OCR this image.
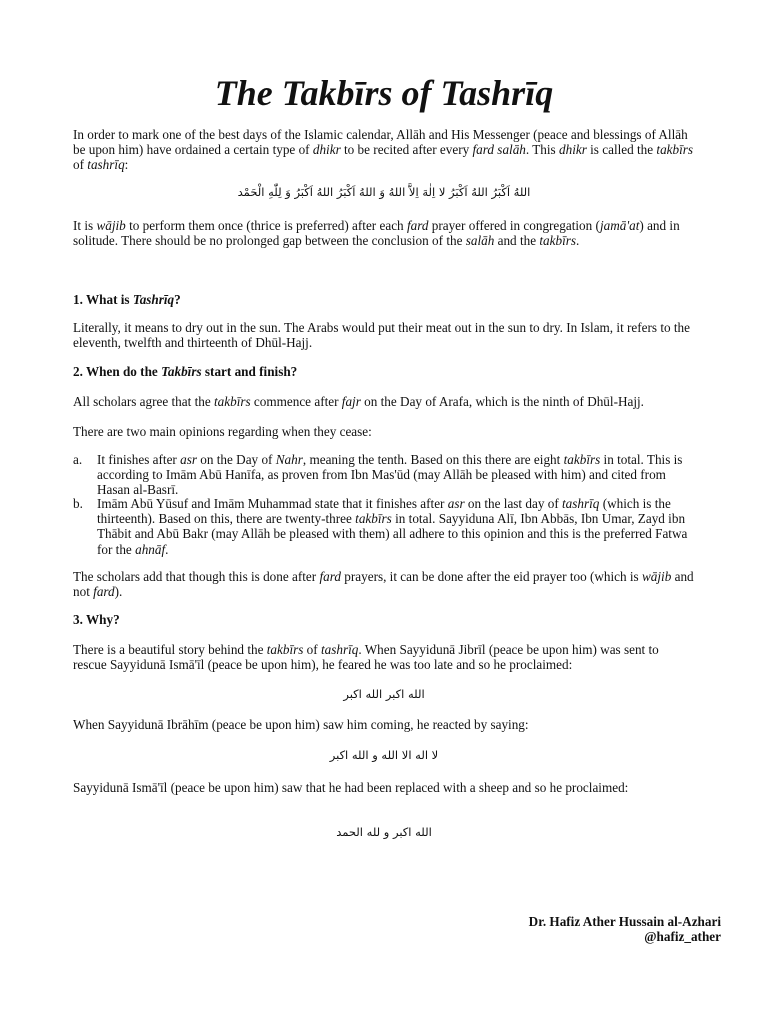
The Takbīrs of Tashrīq

In order to mark one of the best days of the Islamic calendar, Allāh and His Messenger (peace and blessings of Allāh be upon him) have ordained a certain type of dhikr to be recited after every fard salāh. This dhikr is called the takbīrs of tashrīq:

اللهُ اَكْبَرُ اللهُ اَكْبَرُ لا اِلٰهَ اِلاَّ اللهُ وَ اللهُ اَكْبَرُ اللهُ اَكْبَرُ وَ لِلّٰهِ الْحَمْد

It is wājib to perform them once (thrice is preferred) after each fard prayer offered in congregation (jamā'at) and in solitude. There should be no prolonged gap between the conclusion of the salāh and the takbīrs.

1. What is Tashrīq?

Literally, it means to dry out in the sun. The Arabs would put their meat out in the sun to dry. In Islam, it refers to the eleventh, twelfth and thirteenth of Dhūl-Hajj.

2. When do the Takbīrs start and finish?

All scholars agree that the takbīrs commence after fajr on the Day of Arafa, which is the ninth of Dhūl-Hajj.

There are two main opinions regarding when they cease:

a. It finishes after asr on the Day of Nahr, meaning the tenth. Based on this there are eight takbīrs in total. This is according to Imām Abū Hanīfa, as proven from Ibn Mas'ūd (may Allāh be pleased with him) and cited from Hasan al-Basrī.
b. Imām Abū Yūsuf and Imām Muhammad state that it finishes after asr on the last day of tashrīq (which is the thirteenth). Based on this, there are twenty-three takbīrs in total. Sayyiduna Alī, Ibn Abbās, Ibn Umar, Zayd ibn Thābit and Abū Bakr (may Allāh be pleased with them) all adhere to this opinion and this is the preferred Fatwa for the ahnāf.

The scholars add that though this is done after fard prayers, it can be done after the eid prayer too (which is wājib and not fard).

3. Why?

There is a beautiful story behind the takbīrs of tashrīq. When Sayyidunā Jibrīl (peace be upon him) was sent to rescue Sayyidunā Ismā'īl (peace be upon him), he feared he was too late and so he proclaimed:

الله اكبر الله اكبر

When Sayyidunā Ibrāhīm (peace be upon him) saw him coming, he reacted by saying:

لا اله الا الله و الله اكبر

Sayyidunā Ismā'īl (peace be upon him) saw that he had been replaced with a sheep and so he proclaimed:

الله اكبر و لله الحمد

Dr. Hafiz Ather Hussain al-Azhari
@hafiz_ather
